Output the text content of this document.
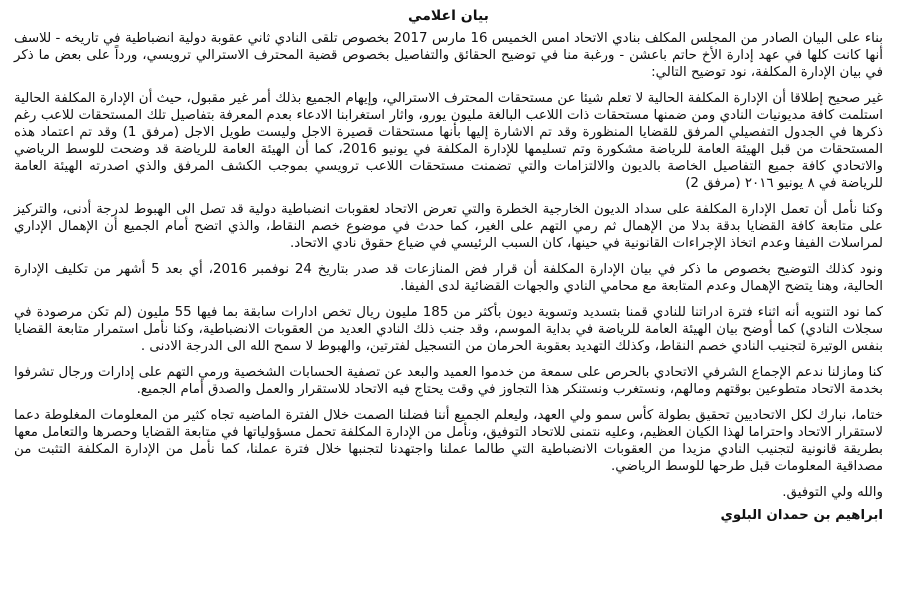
بيان اعلامي

بناء على البيان الصادر من المجلس المكلف بنادي الاتحاد امس الخميس 16 مارس 2017 بخصوص تلقى النادي ثاني عقوبة دولية انضباطية في تاريخه - للاسف أنها كانت كلها في عهد إدارة الأخ حاتم باعشن - ورغبة منا في توضيح الحقائق والتفاصيل بخصوص قضية المحترف الاسترالي ترويسي، ورداً على بعض ما ذكر في بيان الإدارة المكلفة، نود توضيح التالي:

غير صحيح إطلاقا أن الإدارة المكلفة الحالية لا تعلم شيئا عن مستحقات المحترف الاسترالي، وإيهام الجميع بذلك أمر غير مقبول، حيث أن الإدارة المكلفة الحالية استلمت كافة مديونيات النادي ومن ضمنها مستحقات ذات اللاعب البالغة مليون يورو، واثار استغرابنا الادعاء بعدم المعرفة بتفاصيل تلك المستحقات للاعب رغم ذكرها في الجدول التفصيلي المرفق للقضايا المنظورة وقد تم الاشارة إليها بأنها مستحقات قصيرة الاجل وليست طويل الاجل (مرفق 1) وقد تم اعتماد هذه المستحقات من قبل الهيئة العامة للرياضة مشكورة وتم تسليمها للإدارة المكلفة في يونيو 2016، كما أن الهيئة العامة للرياضة قد وضحت للوسط الرياضي والاتحادي كافة جميع التفاصيل الخاصة بالديون والالتزامات والتي تضمنت مستحقات اللاعب ترويسي بموجب الكشف المرفق والذي اصدرته الهيئة العامة للرياضة في ٨ يونيو ٢٠١٦ (مرفق 2)

وكنا نأمل أن تعمل الإدارة المكلفة على سداد الديون الخارجية الخطرة والتي تعرض الاتحاد لعقوبات انضباطية دولية قد تصل الى الهبوط لدرجة أدنى، والتركيز على متابعة كافة القضايا بدقة بدلا من الإهمال ثم رمي التهم على الغير، كما حدث في موضوع خصم النقاط، والذي اتضح أمام الجميع أن الإهمال الإداري لمراسلات الفيفا وعدم اتخاذ الإجراءات القانونية في حينها، كان السبب الرئيسي في ضياع حقوق نادي الاتحاد.

ونود كذلك التوضيح بخصوص ما ذكر في بيان الإدارة المكلفة أن قرار فض المنازعات قد صدر بتاريخ 24 نوفمبر 2016، أي بعد 5 أشهر من تكليف الإدارة الحالية، وهنا يتضح الإهمال وعدم المتابعة مع محامي النادي والجهات القضائية لدى الفيفا.

كما نود التنويه أنه اثناء فترة ادراتنا للنادي قمنا بتسديد وتسوية ديون بأكثر من 185 مليون ريال تخص ادارات سابقة بما فيها 55 مليون (لم تكن مرصودة في سجلات النادي) كما أوضح بيان الهيئة العامة للرياضة في بداية الموسم، وقد جنب ذلك النادي العديد من العقوبات الانضباطية، وكنا نأمل استمرار متابعة القضايا بنفس الوتيرة لتجنيب النادي خصم النقاط، وكذلك التهديد بعقوبة الحرمان من التسجيل لفترتين، والهبوط لا سمح الله الى الدرجة الادنى .

كنا ومازلنا ندعم الإجماع الشرفي الاتحادي بالحرص على سمعة من خدموا العميد والبعد عن تصفية الحسابات الشخصية ورمي التهم على إدارات ورجال تشرفوا بخدمة الاتحاد متطوعين بوقتهم ومالهم، ونستغرب ونستنكر هذا التجاوز في وقت يحتاج فيه الاتحاد للاستقرار والعمل والصدق أمام الجميع.

ختاما، نبارك لكل الاتحاديين تحقيق بطولة كأس سمو ولي العهد، وليعلم الجميع أننا فضلنا الصمت خلال الفترة الماضيه تجاه كثير من المعلومات المغلوطة دعما لاستقرار الاتحاد واحتراما لهذا الكيان العظيم، وعليه نتمنى للاتحاد التوفيق، ونأمل من الإدارة المكلفة تحمل مسؤولياتها في متابعة القضايا وحصرها والتعامل معها بطريقة قانونية لتجنيب النادي مزيدا من العقوبات الانضباطية التي طالما عملنا واجتهدنا لتجنبها خلال فترة عملنا، كما نأمل من الإدارة المكلفة التثبت من مصداقية المعلومات قبل طرحها للوسط الرياضي.

والله ولي التوفيق.

ابراهيم بن حمدان البلوي
